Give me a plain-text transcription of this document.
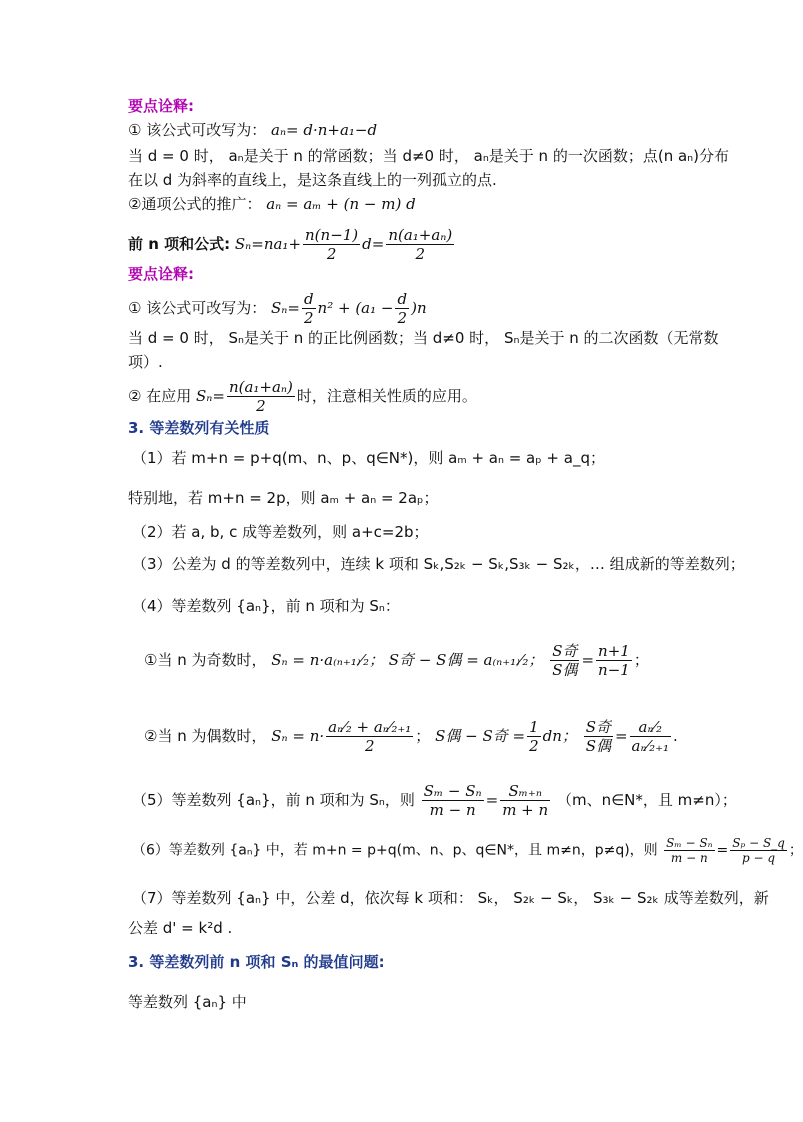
要点诠释:
① 该公式可改写为： aₙ= d·n+a₁−d
当 d = 0 时， aₙ是关于 n 的常函数；当 d≠0 时， aₙ是关于 n 的一次函数；点(n aₙ)分布
在以 d 为斜率的直线上，是这条直线上的一列孤立的点.
②通项公式的推广： aₙ = aₘ + (n − m) d
前 n 项和公式: $S_n=na_1+ \frac{n(n-1)}{2} d= \frac{\text{n(a₁+aₙ)}}{2}$
要点诠释:
① 该公式可改写为： $S_n= \frac{d}{2} n^2 + (a_1 - \frac{d}{2} )n$
当 d = 0 时， Sₙ是关于 n 的正比例函数；当 d≠0 时， Sₙ是关于 n 的二次函数（无常数
项）.
② 在应用 $S_n= \frac{\text{n(a₁+aₙ)}}{2}$ 时，注意相关性质的应用。
3. 等差数列有关性质
（1）若 m+n = p+q(m、n、p、q∈N*)，则 aₘ + aₙ = aₚ + a_q；
特别地，若 m+n = 2p，则 aₘ + aₙ = 2aₚ；
（2）若 a, b, c 成等差数列，则 a+c=2b；
（3）公差为 d 的等差数列中，连续 k 项和 Sₖ,S₂ₖ − Sₖ,S₃ₖ − S₂ₖ，… 组成新的等差数列；
（4）等差数列 {aₙ}，前 n 项和为 Sₙ：
①当 n 为奇数时， Sₙ = n·a₍ₙ₊₁₎⁄₂； S奇 − S偶 = a₍ₙ₊₁₎⁄₂； $\frac{\text{S奇}}{\text{S偶}} = \frac{n+1}{n-1}$ ；
②当 n 为偶数时， $S_n = n\cdot \frac{\text{aₙ⁄₂ + aₙ⁄₂₊₁}}{2}$ ； S偶 − S奇 = $\frac{1}{2}$ dn； $\frac{\text{S奇}}{\text{S偶}} = \frac{\text{aₙ⁄₂}}{\text{aₙ⁄₂₊₁}}$ .
（5）等差数列 {aₙ}，前 n 项和为 Sₙ，则 $\frac{\text{Sₘ − Sₙ}}{m - n} = \frac{\text{Sₘ₊ₙ}}{m + n} (m$、n∈N*，且 m≠n）；
（6）等差数列 {aₙ} 中，若 m+n = p+q(m、n、p、q∈N*，且 m≠n，p≠q)，则 $\frac{\text{Sₘ − Sₙ}}{m - n} = \frac{\text{Sₚ − S\_q}}{p - q}$ ；
（7）等差数列 {aₙ} 中，公差 d，依次每 k 项和： Sₖ， S₂ₖ − Sₖ， S₃ₖ − S₂ₖ 成等差数列，新
公差 d' = k²d .
3. 等差数列前 n 项和 Sₙ 的最值问题:
等差数列 {aₙ} 中
